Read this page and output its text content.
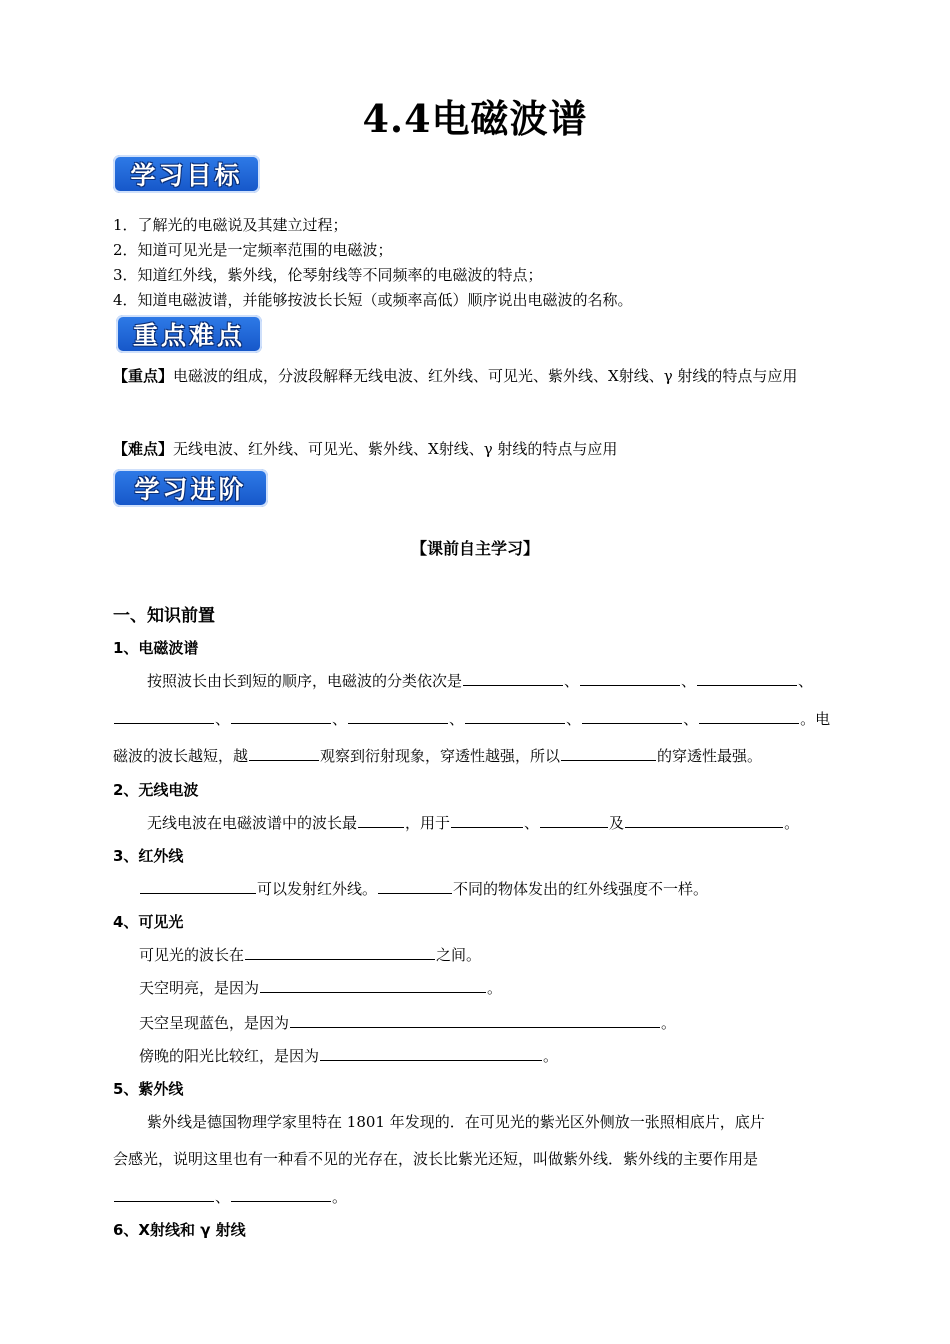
4.4电磁波谱
学习目标
1．了解光的电磁说及其建立过程；
2．知道可见光是一定频率范围的电磁波；
3．知道红外线，紫外线，伦琴射线等不同频率的电磁波的特点；
4．知道电磁波谱，并能够按波长长短（或频率高低）顺序说出电磁波的名称。
重点难点
【重点】电磁波的组成，分波段解释无线电波、红外线、可见光、紫外线、X射线、γ 射线的特点与应用
【难点】无线电波、红外线、可见光、紫外线、X射线、γ 射线的特点与应用
学习进阶
【课前自主学习】
一、知识前置
1、电磁波谱
按照波长由长到短的顺序，电磁波的分类依次是	、	、	、
、	、	、	、	、	。电
磁波的波长越短，越	观察到衍射现象，穿透性越强，所以	的穿透性最强。
2、无线电波
无线电波在电磁波谱中的波长最	，用于	、	及	。
3、红外线
可以发射红外线。	不同的物体发出的红外线强度不一样。
4、可见光
可见光的波长在	之间。
天空明亮，是因为	。
天空呈现蓝色，是因为	。
傍晚的阳光比较红，是因为	。
5、紫外线
紫外线是德国物理学家里特在 1801 年发现的．在可见光的紫光区外侧放一张照相底片，底片
会感光，说明这里也有一种看不见的光存在，波长比紫光还短，叫做紫外线．紫外线的主要作用是
、	。
6、X射线和 γ 射线
